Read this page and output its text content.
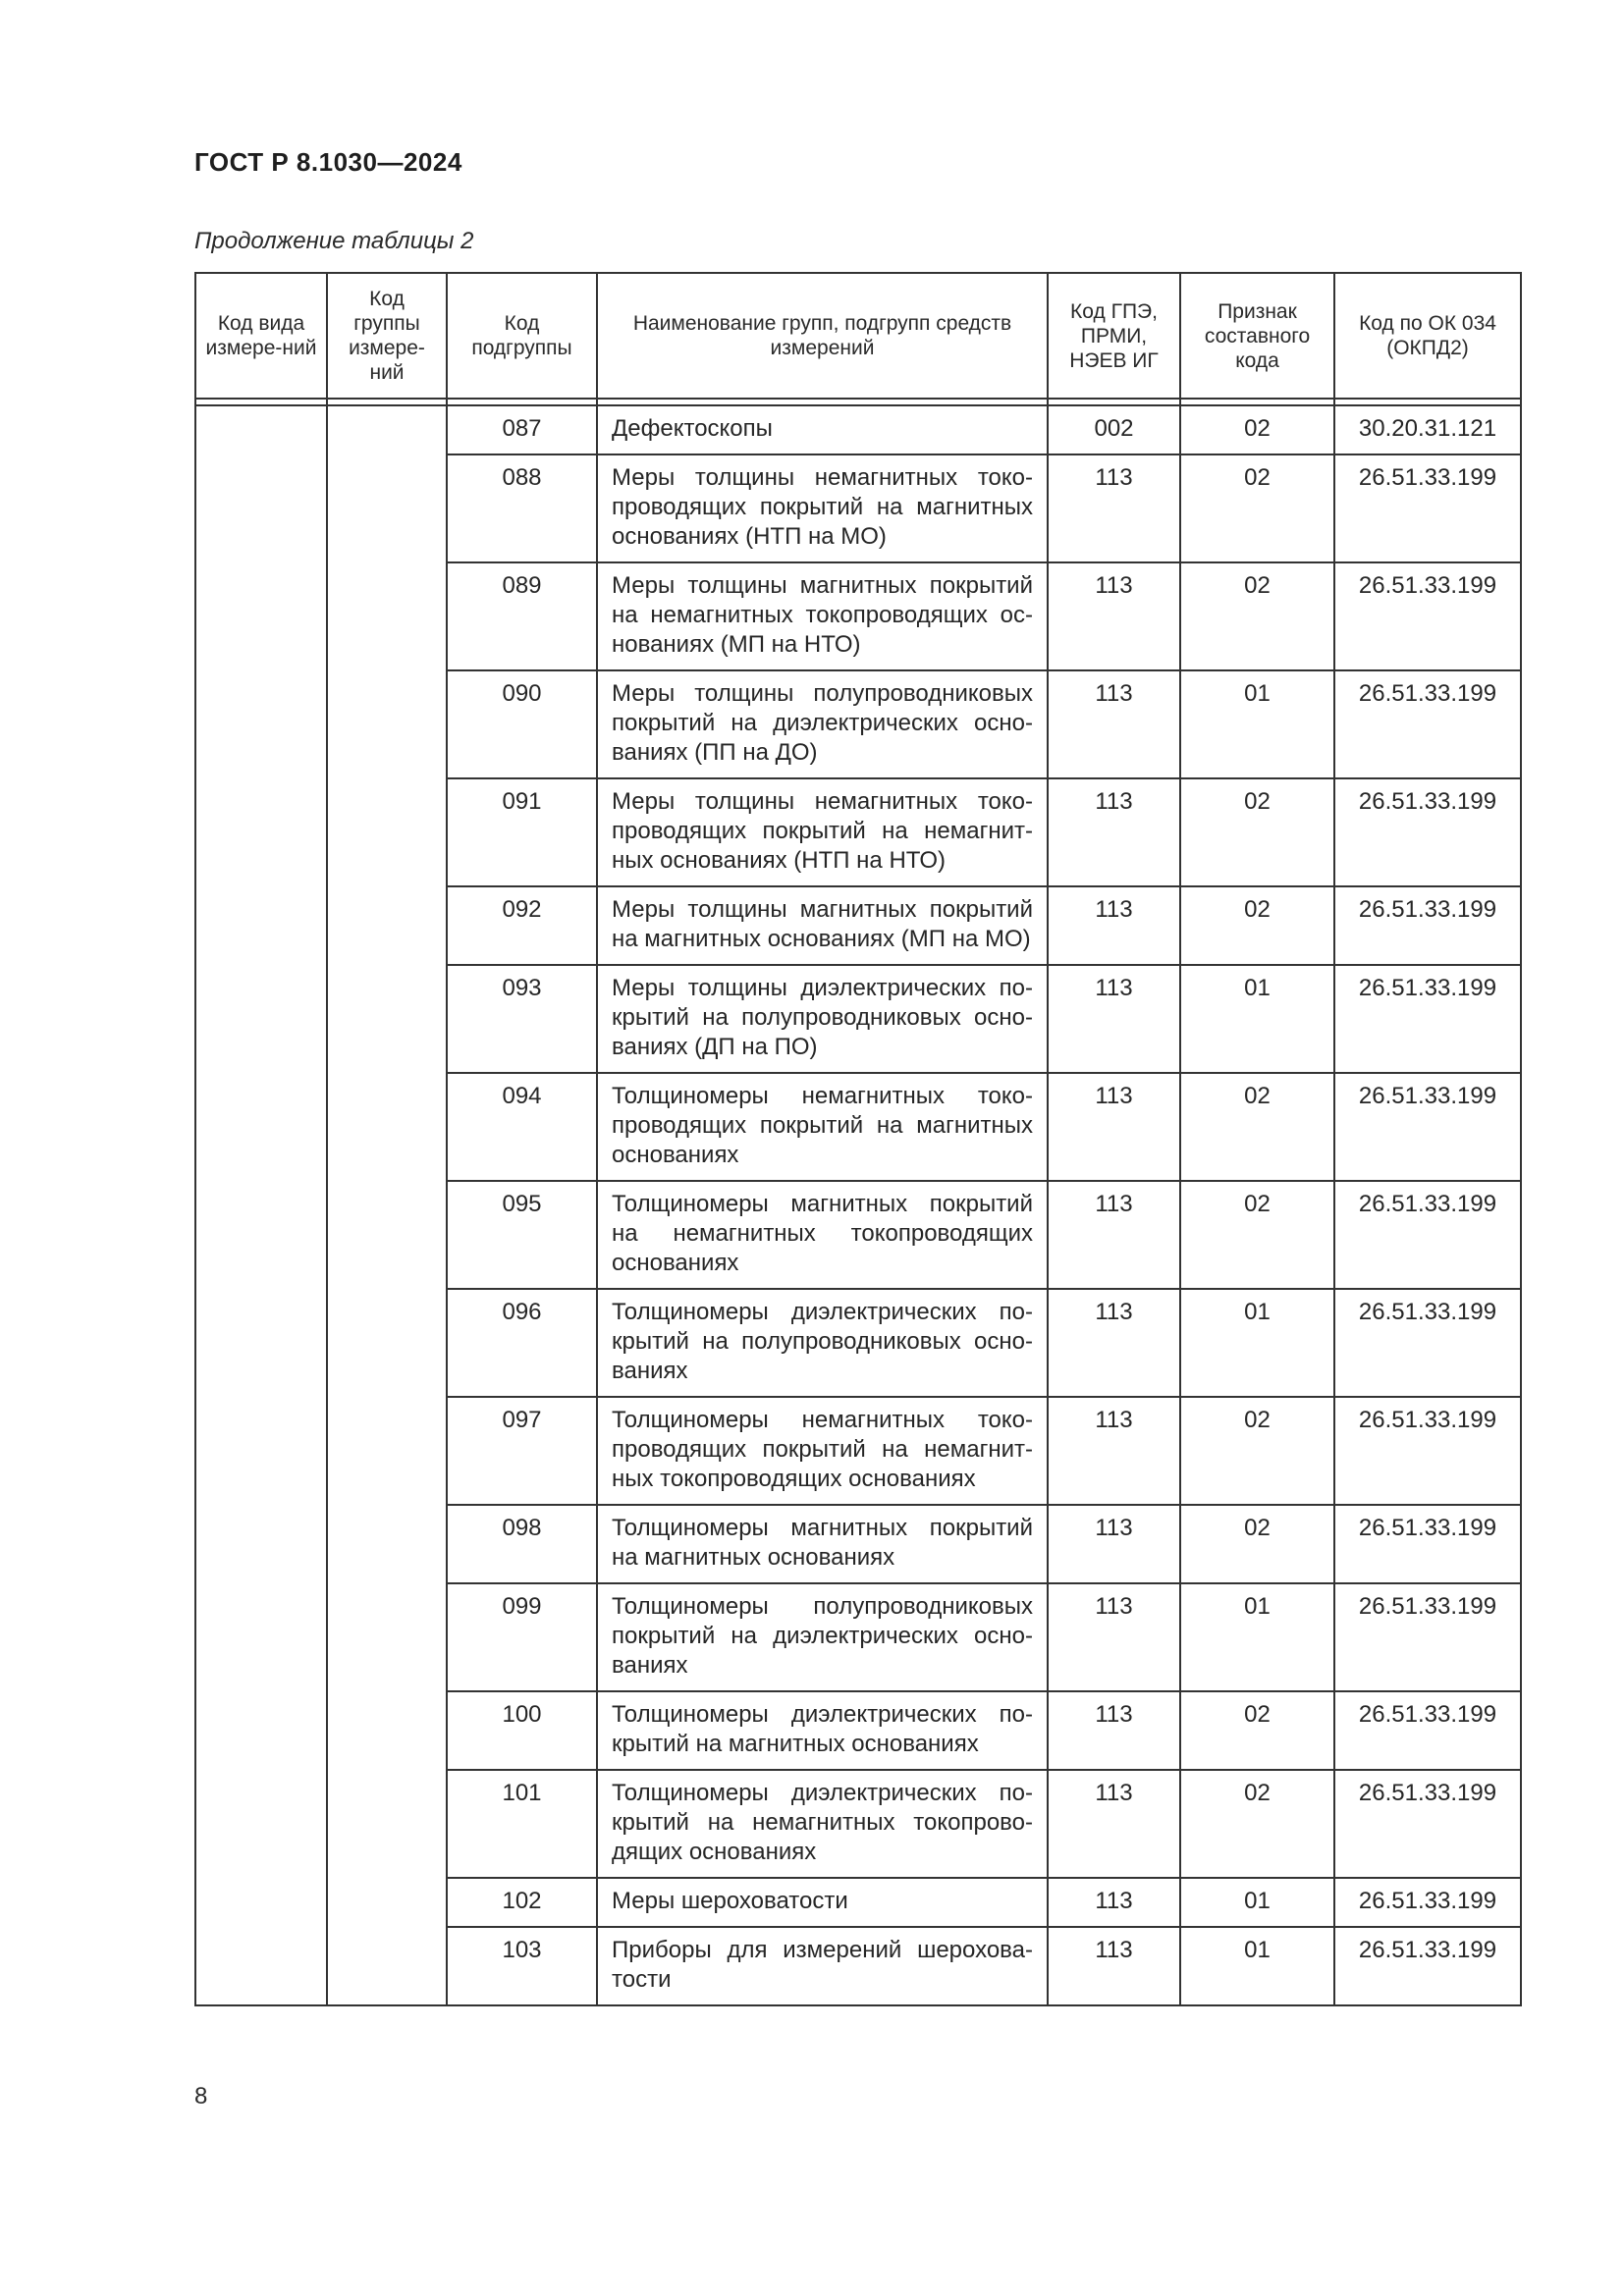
ГОСТ Р 8.1030—2024
Продолжение таблицы 2
Код вида измере-ний	Код группы измере-ний	Код подгруппы	Наименование групп, подгрупп средств измерений	Код ГПЭ, ПРМИ, НЭЕВ ИГ	Признак составного кода	Код по ОК 034 (ОКПД2)

		087	Дефектоскопы	002	02	30.20.31.121
		088	Меры толщины немагнитных токо-проводящих покрытий на магнитных основаниях (НТП на МО)	113	02	26.51.33.199
		089	Меры толщины магнитных покрытий на немагнитных токопроводящих ос-нованиях (МП на НТО)	113	02	26.51.33.199
		090	Меры толщины полупроводниковых покрытий на диэлектрических осно-ваниях (ПП на ДО)	113	01	26.51.33.199
		091	Меры толщины немагнитных токо-проводящих покрытий на немагнит-ных основаниях (НТП на НТО)	113	02	26.51.33.199
		092	Меры толщины магнитных покрытий на магнитных основаниях (МП на МО)	113	02	26.51.33.199
		093	Меры толщины диэлектрических по-крытий на полупроводниковых осно-ваниях (ДП на ПО)	113	01	26.51.33.199
		094	Толщиномеры немагнитных токо-проводящих покрытий на магнитных основаниях	113	02	26.51.33.199
		095	Толщиномеры магнитных покрытий на немагнитных токопроводящих основаниях	113	02	26.51.33.199
		096	Толщиномеры диэлектрических по-крытий на полупроводниковых осно-ваниях	113	01	26.51.33.199
		097	Толщиномеры немагнитных токо-проводящих покрытий на немагнит-ных токопроводящих основаниях	113	02	26.51.33.199
		098	Толщиномеры магнитных покрытий на магнитных основаниях	113	02	26.51.33.199
		099	Толщиномеры полупроводниковых покрытий на диэлектрических осно-ваниях	113	01	26.51.33.199
		100	Толщиномеры диэлектрических по-крытий на магнитных основаниях	113	02	26.51.33.199
		101	Толщиномеры диэлектрических по-крытий на немагнитных токопрово-дящих основаниях	113	02	26.51.33.199
		102	Меры шероховатости	113	01	26.51.33.199
		103	Приборы для измерений шерохова-тости	113	01	26.51.33.199
8
